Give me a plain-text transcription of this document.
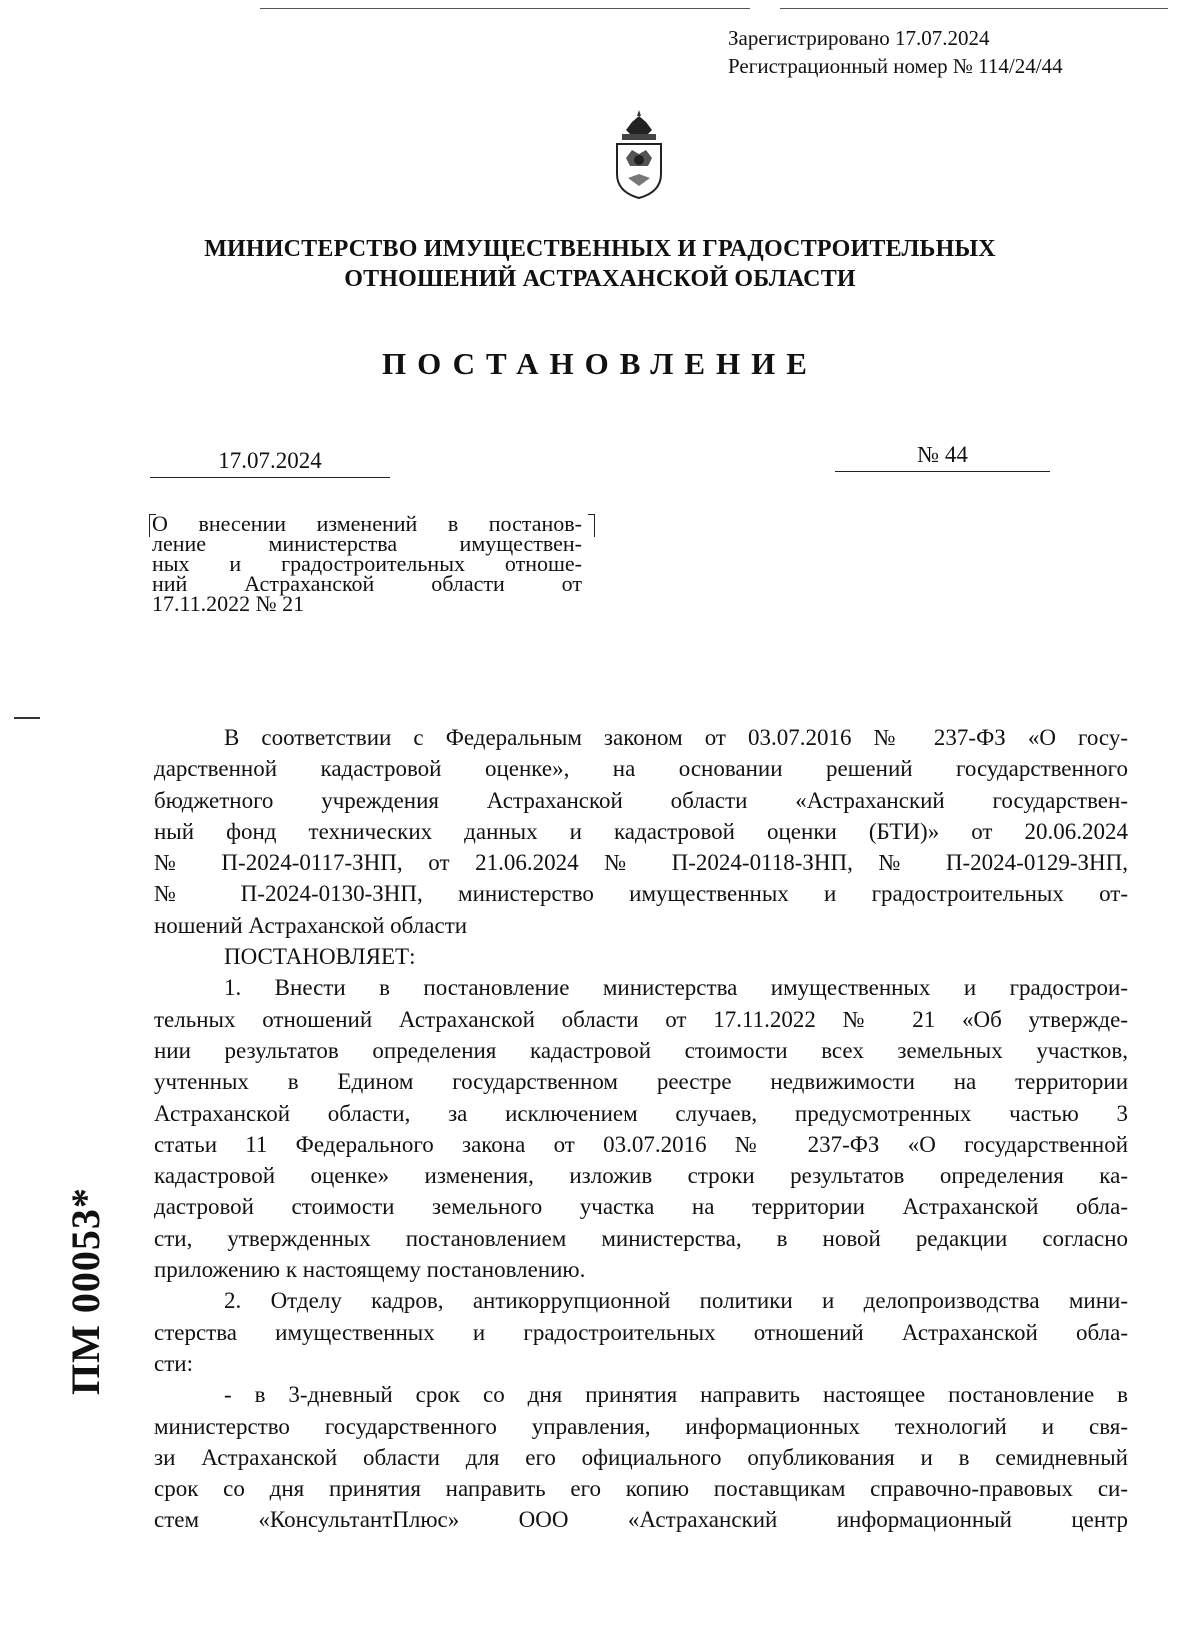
Зарегистрировано 17.07.2024
Регистрационный номер № 114/24/44
МИНИСТЕРСТВО ИМУЩЕСТВЕННЫХ И ГРАДОСТРОИТЕЛЬНЫХ
ОТНОШЕНИЙ АСТРАХАНСКОЙ ОБЛАСТИ
ПОСТАНОВЛЕНИЕ
17.07.2024	№ 44
О внесении изменений в постанов-
ление министерства имуществен-
ных и градостроительных отноше-
ний Астраханской области от
17.11.2022 № 21
В соответствии с Федеральным законом от 03.07.2016 № 237-ФЗ «О госу-
дарственной кадастровой оценке», на основании решений государственного
бюджетного учреждения Астраханской области «Астраханский государствен-
ный фонд технических данных и кадастровой оценки (БТИ)» от 20.06.2024
№ П-2024-0117-ЗНП, от 21.06.2024 № П-2024-0118-ЗНП, № П-2024-0129-ЗНП,
№ П-2024-0130-ЗНП, министерство имущественных и градостроительных от-
ношений Астраханской области
ПОСТАНОВЛЯЕТ:
1. Внести в постановление министерства имущественных и градострои-
тельных отношений Астраханской области от 17.11.2022 № 21 «Об утвержде-
нии результатов определения кадастровой стоимости всех земельных участков,
учтенных в Едином государственном реестре недвижимости на территории
Астраханской области, за исключением случаев, предусмотренных частью 3
статьи 11 Федерального закона от 03.07.2016 № 237-ФЗ «О государственной
кадастровой оценке» изменения, изложив строки результатов определения ка-
дастровой стоимости земельного участка на территории Астраханской обла-
сти, утвержденных постановлением министерства, в новой редакции согласно
приложению к настоящему постановлению.
2. Отделу кадров, антикоррупционной политики и делопроизводства мини-
стерства имущественных и градостроительных отношений Астраханской обла-
сти:
- в 3-дневный срок со дня принятия направить настоящее постановление в
министерство государственного управления, информационных технологий и свя-
зи Астраханской области для его официального опубликования и в семидневный
срок со дня принятия направить его копию поставщикам справочно-правовых си-
стем «КонсультантПлюс» ООО «Астраханский информационный центр
ПМ 00053*
